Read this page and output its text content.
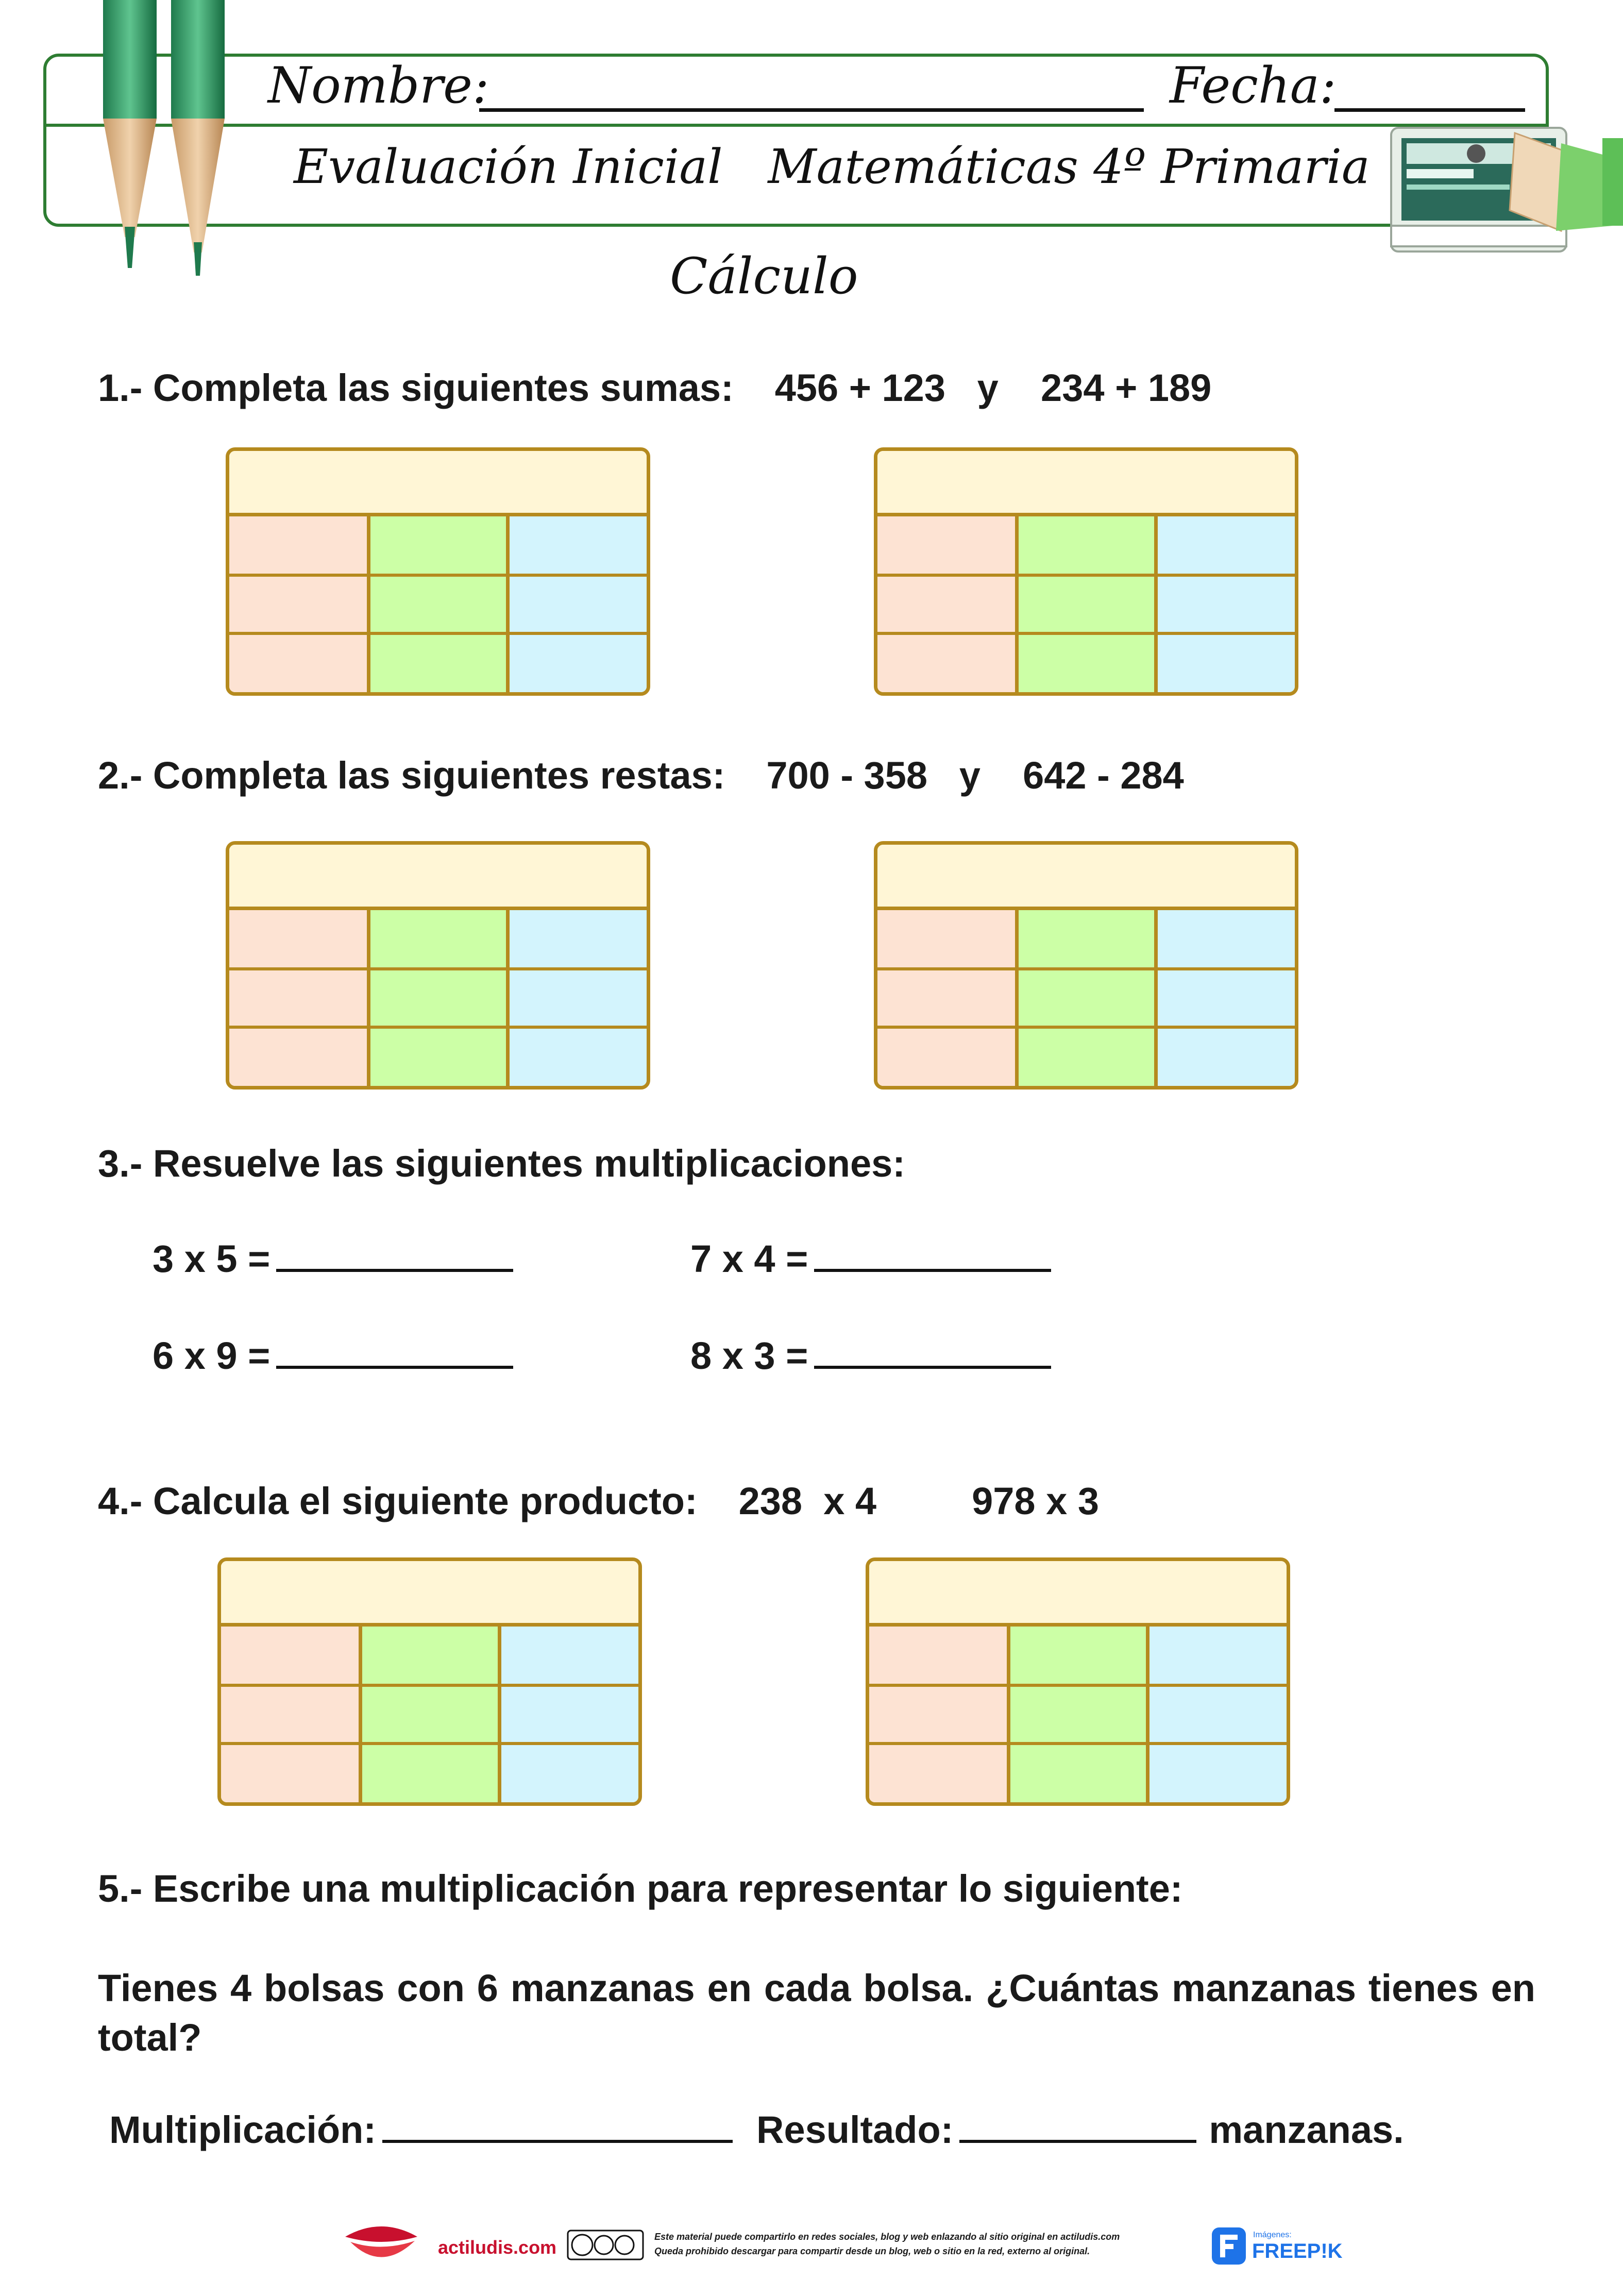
Nombre:	Fecha:
Evaluación Inicial   Matemáticas 4º Primaria
Cálculo
1.- Completa las siguientes sumas: 456 + 123   y    234 + 189
2.- Completa las siguientes restas: 700 - 358   y    642 - 284
3.- Resuelve las siguientes multiplicaciones:
3 x 5 =	7 x 4 =
6 x 9 =	8 x 3 =
4.- Calcula el siguiente producto: 238  x 4         978 x 3
5.- Escribe una multiplicación para representar lo siguiente:
Tienes 4 bolsas con 6 manzanas en cada bolsa. ¿Cuántas manzanas tienes en total?
Multiplicación:	Resultado:	manzanas.
actiludis.com	Este material puede compartirlo en redes sociales, blog y web enlazando al sitio original en actiludis.com
Queda prohibido descargar para compartir desde un blog, web o sitio en la red, externo al original.
Imágenes:
FREEP!K
